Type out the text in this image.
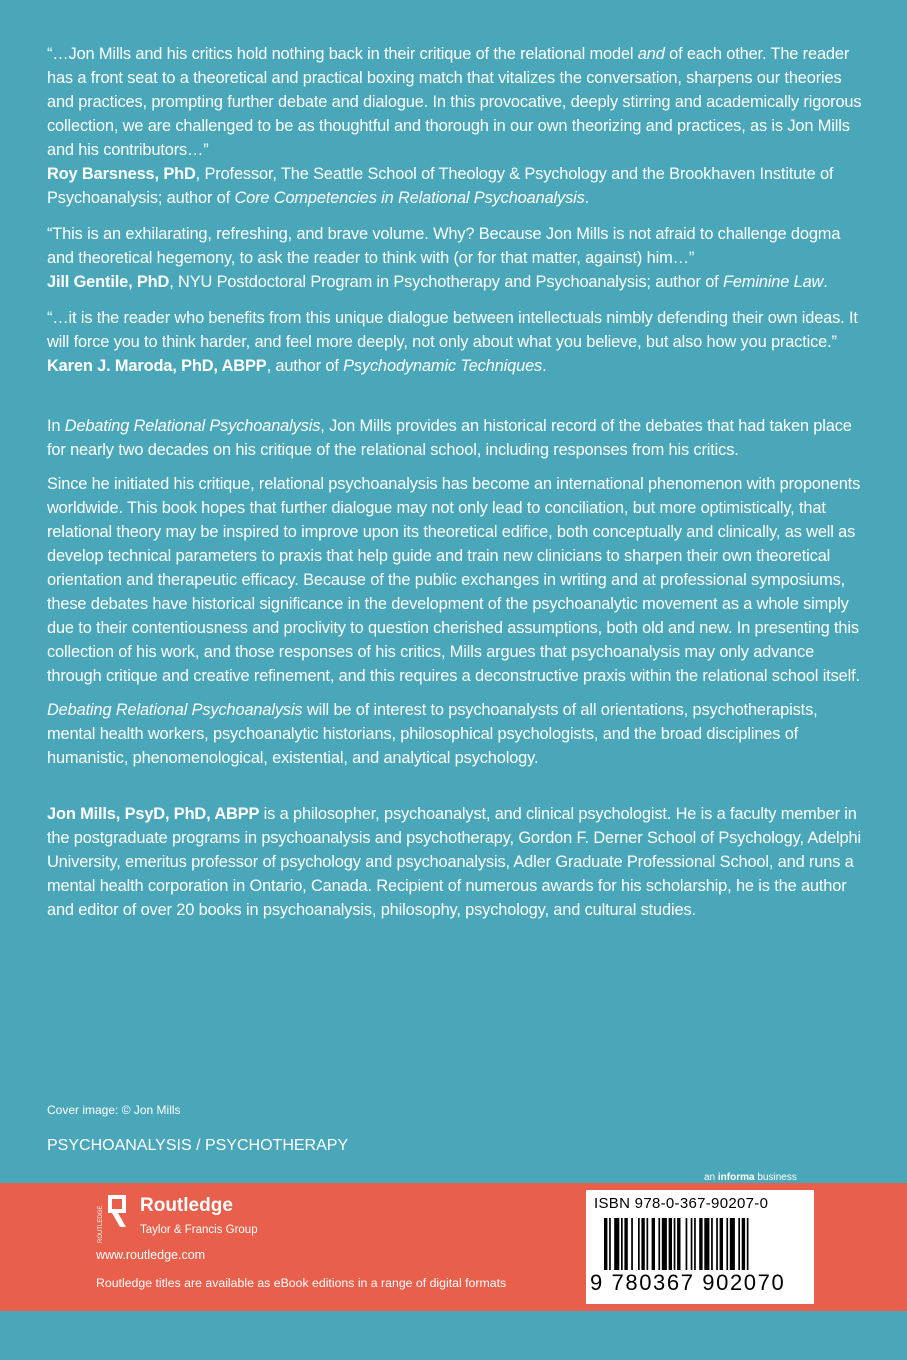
“…Jon Mills and his critics hold nothing back in their critique of the relational model and of each other. The reader has a front seat to a theoretical and practical boxing match that vitalizes the conversation, sharpens our theories and practices, prompting further debate and dialogue. In this provocative, deeply stirring and academically rigorous collection, we are challenged to be as thoughtful and thorough in our own theorizing and practices, as is Jon Mills and his contributors…”

Roy Barsness, PhD, Professor, The Seattle School of Theology & Psychology and the Brookhaven Institute of Psychoanalysis; author of Core Competencies in Relational Psychoanalysis.

“This is an exhilarating, refreshing, and brave volume. Why? Because Jon Mills is not afraid to challenge dogma and theoretical hegemony, to ask the reader to think with (or for that matter, against) him…”

Jill Gentile, PhD, NYU Postdoctoral Program in Psychotherapy and Psychoanalysis; author of Feminine Law.

“…it is the reader who benefits from this unique dialogue between intellectuals nimbly defending their own ideas. It will force you to think harder, and feel more deeply, not only about what you believe, but also how you practice.”

Karen J. Maroda, PhD, ABPP, author of Psychodynamic Techniques.

In Debating Relational Psychoanalysis, Jon Mills provides an historical record of the debates that had taken place for nearly two decades on his critique of the relational school, including responses from his critics.

Since he initiated his critique, relational psychoanalysis has become an international phenomenon with proponents worldwide. This book hopes that further dialogue may not only lead to conciliation, but more optimistically, that relational theory may be inspired to improve upon its theoretical edifice, both conceptually and clinically, as well as develop technical parameters to praxis that help guide and train new clinicians to sharpen their own theoretical orientation and therapeutic efficacy. Because of the public exchanges in writing and at professional symposiums, these debates have historical significance in the development of the psychoanalytic movement as a whole simply due to their contentiousness and proclivity to question cherished assumptions, both old and new. In presenting this collection of his work, and those responses of his critics, Mills argues that psychoanalysis may only advance through critique and creative refinement, and this requires a deconstructive praxis within the relational school itself.

Debating Relational Psychoanalysis will be of interest to psychoanalysts of all orientations, psychotherapists, mental health workers, psychoanalytic historians, philosophical psychologists, and the broad disciplines of humanistic, phenomenological, existential, and analytical psychology.

Jon Mills, PsyD, PhD, ABPP is a philosopher, psychoanalyst, and clinical psychologist. He is a faculty member in the postgraduate programs in psychoanalysis and psychotherapy, Gordon F. Derner School of Psychology, Adelphi University, emeritus professor of psychology and psychoanalysis, Adler Graduate Professional School, and runs a mental health corporation in Ontario, Canada. Recipient of numerous awards for his scholarship, he is the author and editor of over 20 books in psychoanalysis, philosophy, psychology, and cultural studies.

Cover image: © Jon Mills
PSYCHOANALYSIS / PSYCHOTHERAPY
an informa business
ROUTLEDGE
Routledge
Taylor & Francis Group
www.routledge.com
Routledge titles are available as eBook editions in a range of digital formats
ISBN 978-0-367-90207-0
9 780367 902070
